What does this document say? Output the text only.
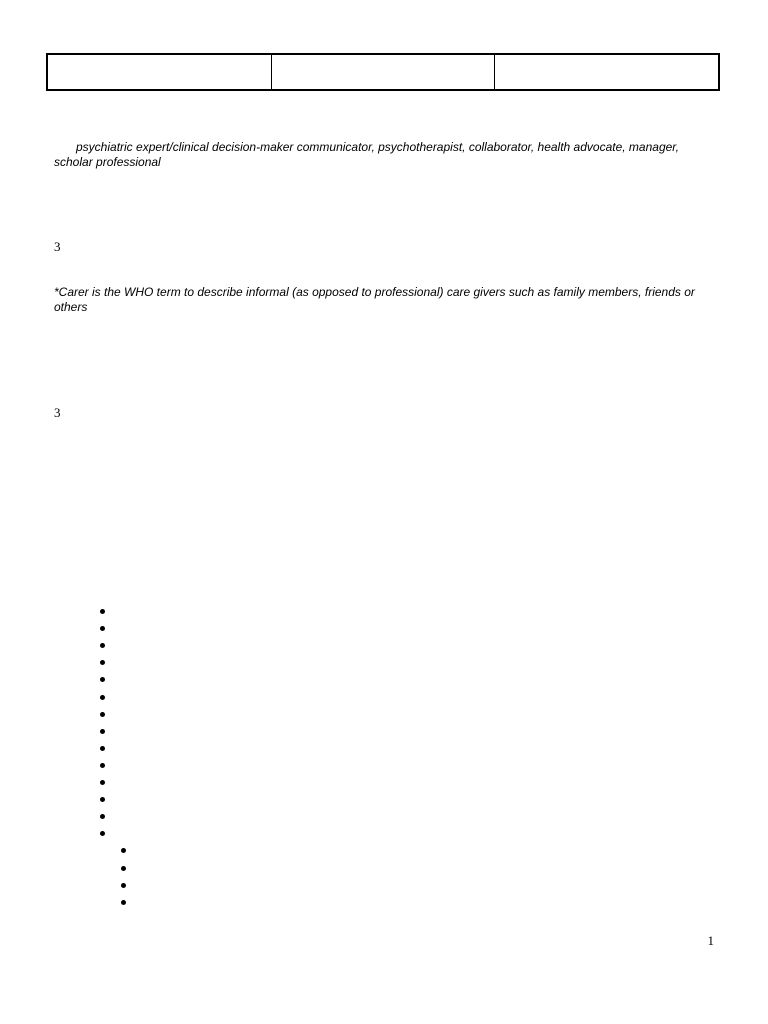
psychiatric expert/clinical decision-maker communicator, psychotherapist, collaborator, health advocate, manager, scholar professional
3
*Carer is the WHO term to describe informal (as opposed to professional) care givers such as family members, friends or others
3
1
